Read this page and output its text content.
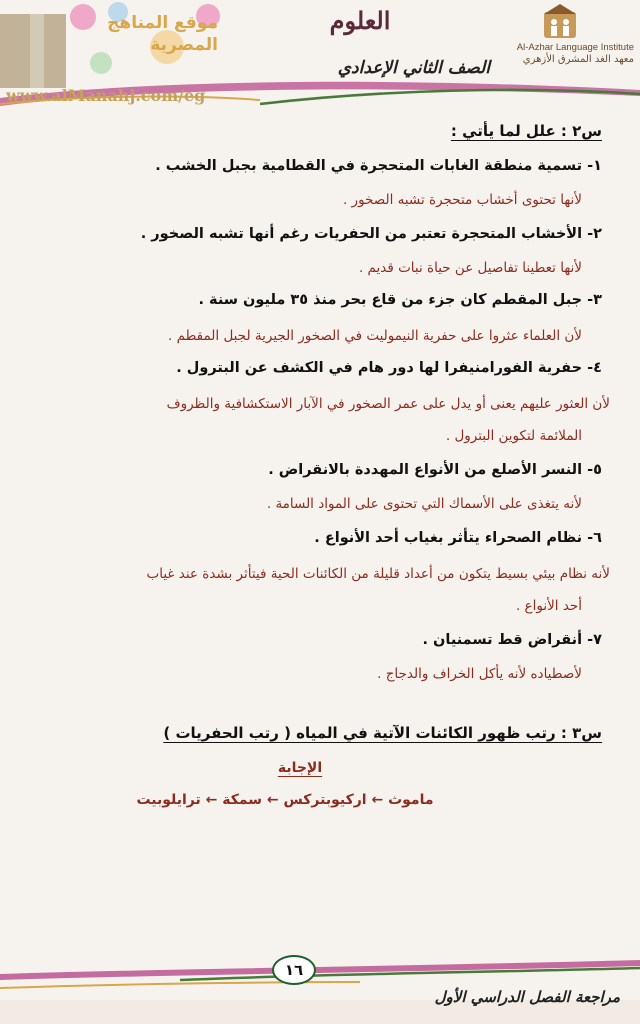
موقع المناهج المصرية
www.alManahj.com/eg
العلوم
الصف الثاني الإعدادي
Al-Azhar Language Institute
معهد الغد المشرق الأزهري
س٢ : علل لما يأتي :
١- تسمية منطقة الغابات المتحجرة في القطامية بجبل الخشب .
لأنها تحتوى أخشاب متحجرة تشبه الصخور .
٢- الأخشاب المتحجرة تعتبر من الحفريات رغم أنها تشبه الصخور .
لأنها تعطينا تفاصيل عن حياة نبات قديم .
٣- جبل المقطم كان جزء من قاع بحر منذ ٣٥ مليون سنة .
لأن العلماء عثروا على حفرية النيموليت في الصخور الجيرية لجبل المقطم .
٤- حفرية الفورامنيفرا لها دور هام في الكشف عن البترول .
لأن العثور عليهم يعنى أو يدل على عمر الصخور في الآبار الاستكشافية والظروف
الملائمة لتكوين البترول .
٥- النسر الأصلع من الأنواع المهددة بالانقراض .
لأنه يتغذى على الأسماك التي تحتوى على المواد السامة .
٦- نظام الصحراء يتأثر بغياب أحد الأنواع .
لأنه نظام بيئي بسيط يتكون من أعداد قليلة من الكائنات الحية فيتأثر بشدة عند غياب
أحد الأنواع .
٧- أنقراض قط تسمنيان .
لأصطياده لأنه يأكل الخراف والدجاج .
س٣ : رتب ظهور الكائنات الآتية في المياه ( رتب الحفريات )
الإجابة
ماموث ← اركيوبتركس ← سمكة ← ترايلوبيت
١٦
مراجعة الفصل الدراسي الأول
